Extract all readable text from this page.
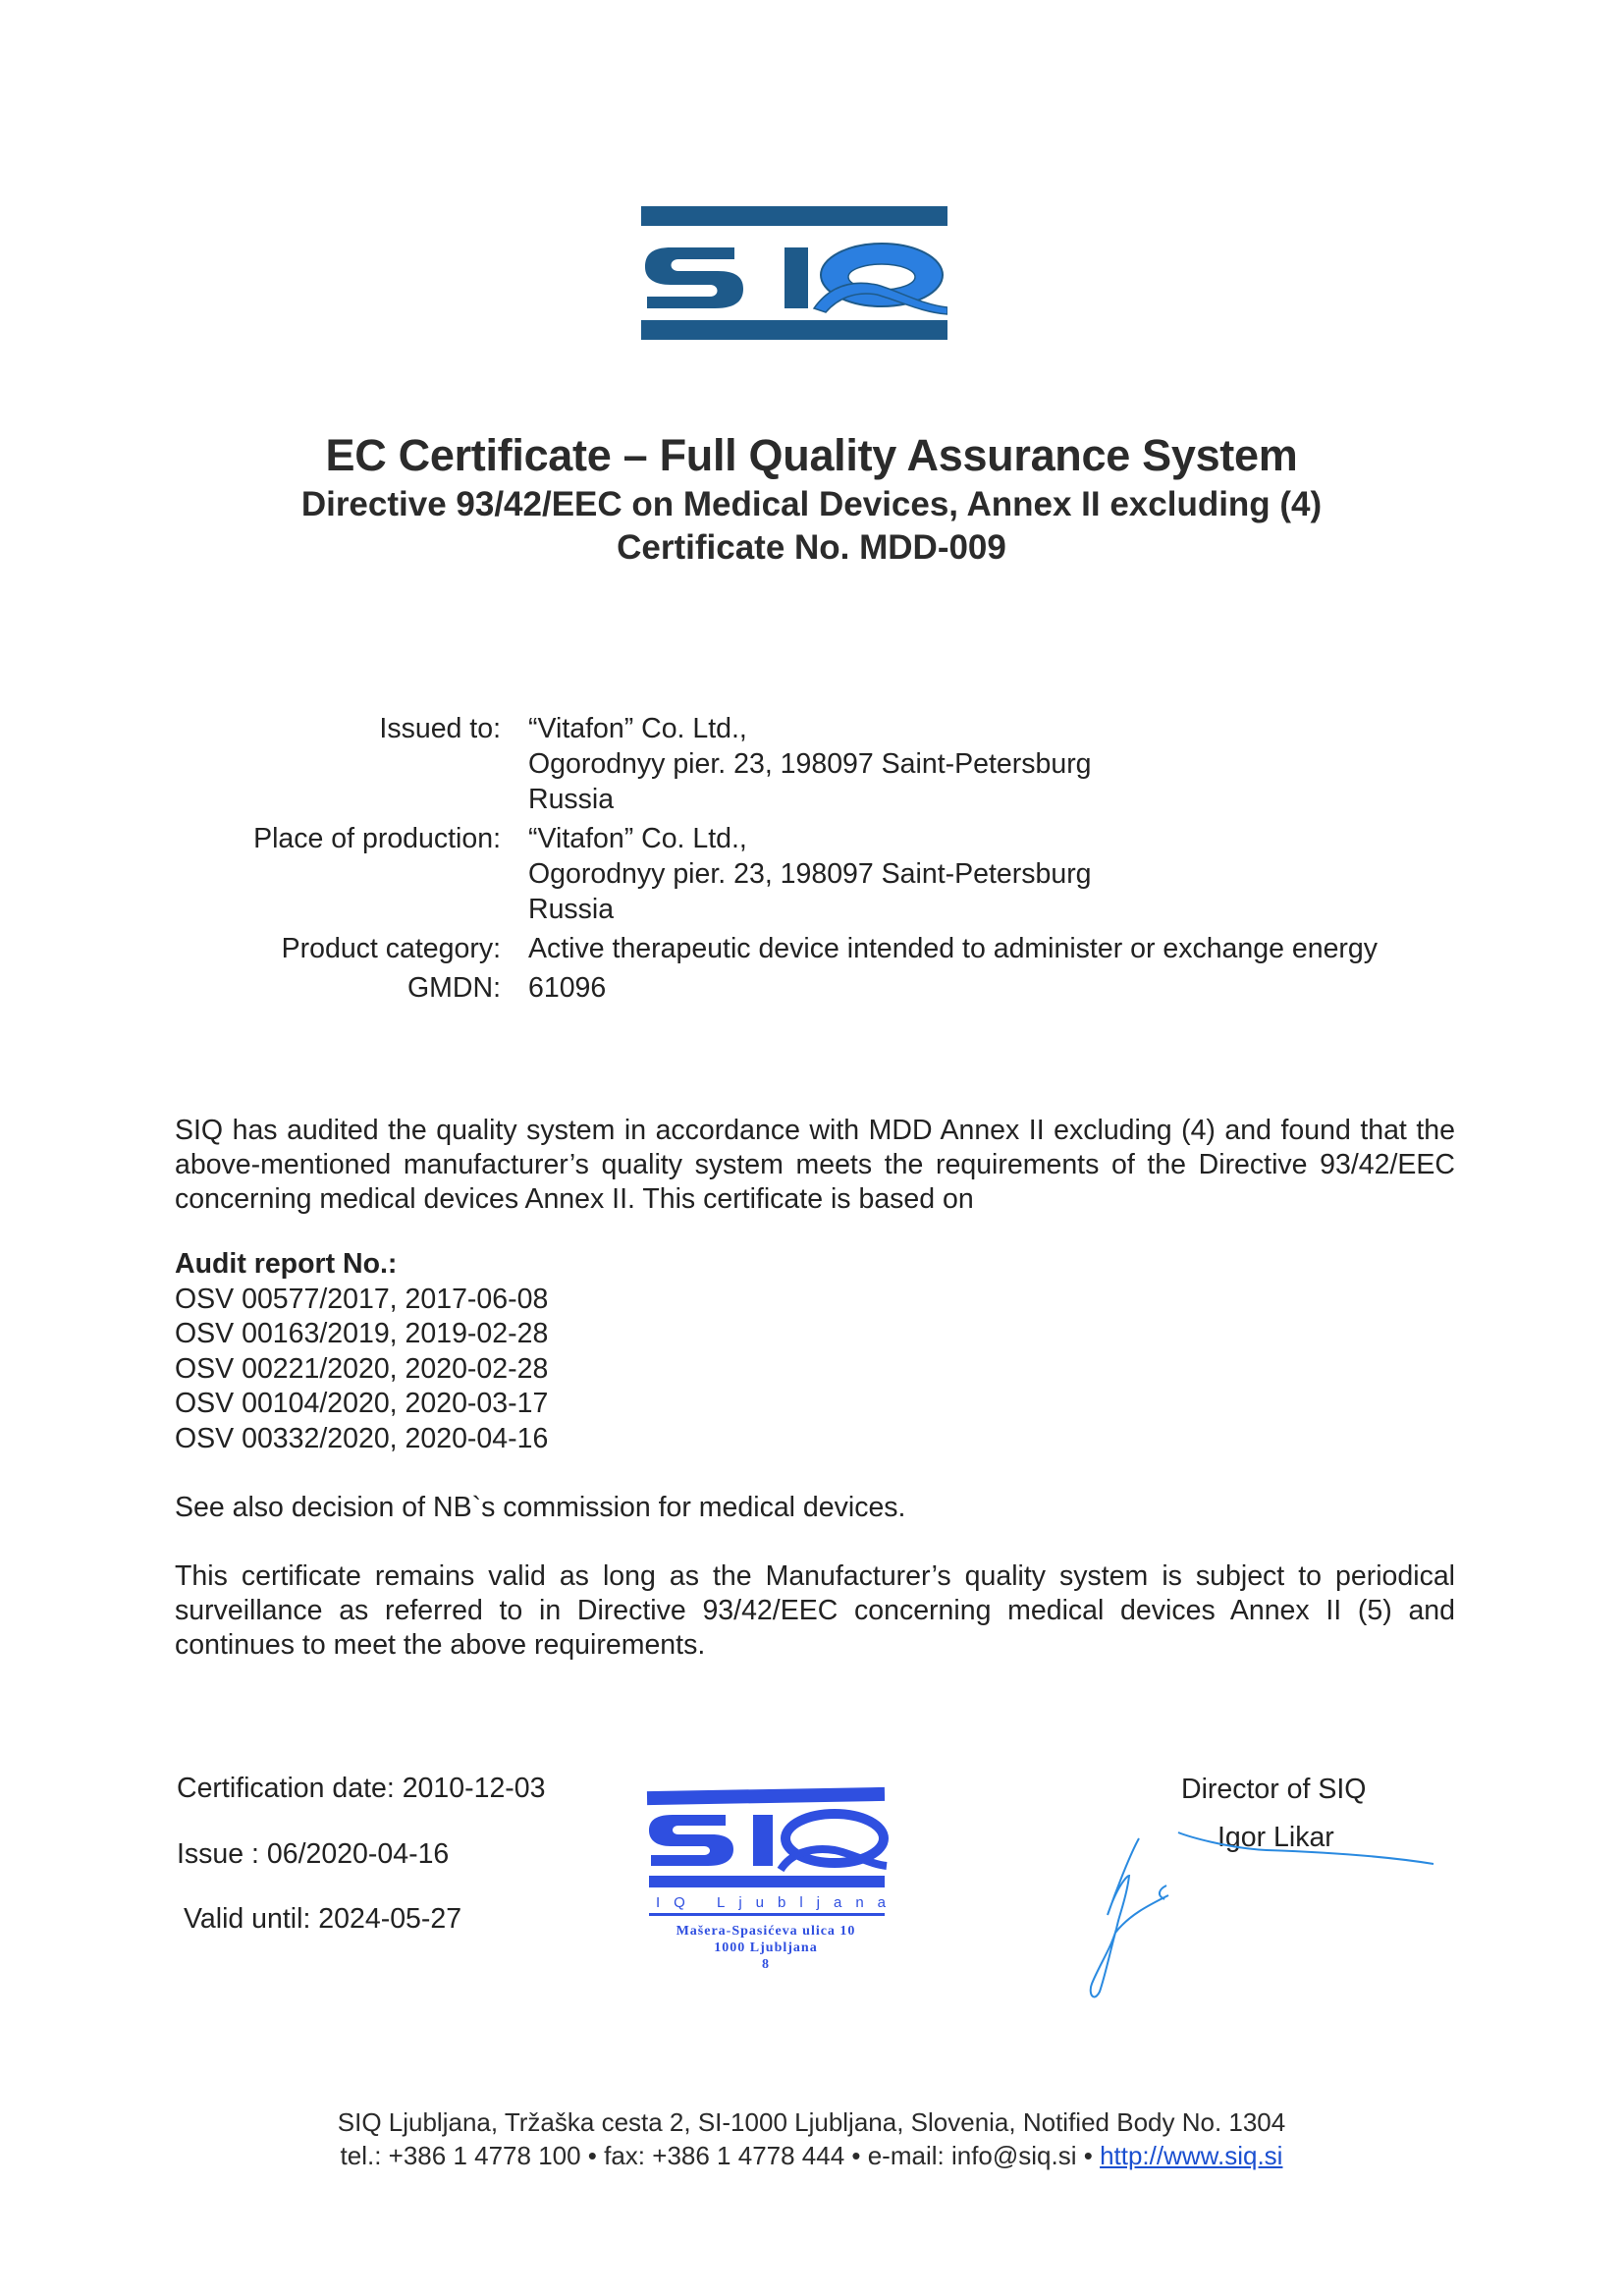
EC Certificate – Full Quality Assurance System
Directive 93/42/EEC on Medical Devices, Annex II excluding (4)
Certificate No. MDD-009
Issued to: “Vitafon” Co. Ltd.,
Ogorodnyy pier. 23, 198097 Saint-Petersburg
Russia
Place of production: “Vitafon” Co. Ltd.,
Ogorodnyy pier. 23, 198097 Saint-Petersburg
Russia
Product category: Active therapeutic device intended to administer or exchange energy
GMDN: 61096
SIQ has audited the quality system in accordance with MDD Annex II excluding (4) and found that the above-mentioned manufacturer’s quality system meets the requirements of the Directive 93/42/EEC concerning medical devices Annex II. This certificate is based on
Audit report No.:
OSV 00577/2017, 2017-06-08
OSV 00163/2019, 2019-02-28
OSV 00221/2020, 2020-02-28
OSV 00104/2020, 2020-03-17
OSV 00332/2020, 2020-04-16
See also decision of NB`s commission for medical devices.
This certificate remains valid as long as the Manufacturer’s quality system is subject to periodical surveillance as referred to in Directive 93/42/EEC concerning medical devices Annex II (5) and continues to meet the above requirements.
Certification date: 2010-12-03
Issue : 06/2020-04-16
Valid until: 2024-05-27
SIQ Ljubljana
Mašera-Spasićeva ulica 10
1000 Ljubljana
8
Director of SIQ
Igor Likar
SIQ Ljubljana, Tržaška cesta 2, SI-1000 Ljubljana, Slovenia, Notified Body No. 1304
tel.: +386 1 4778 100 • fax: +386 1 4778 444 • e-mail: info@siq.si • http://www.siq.si
